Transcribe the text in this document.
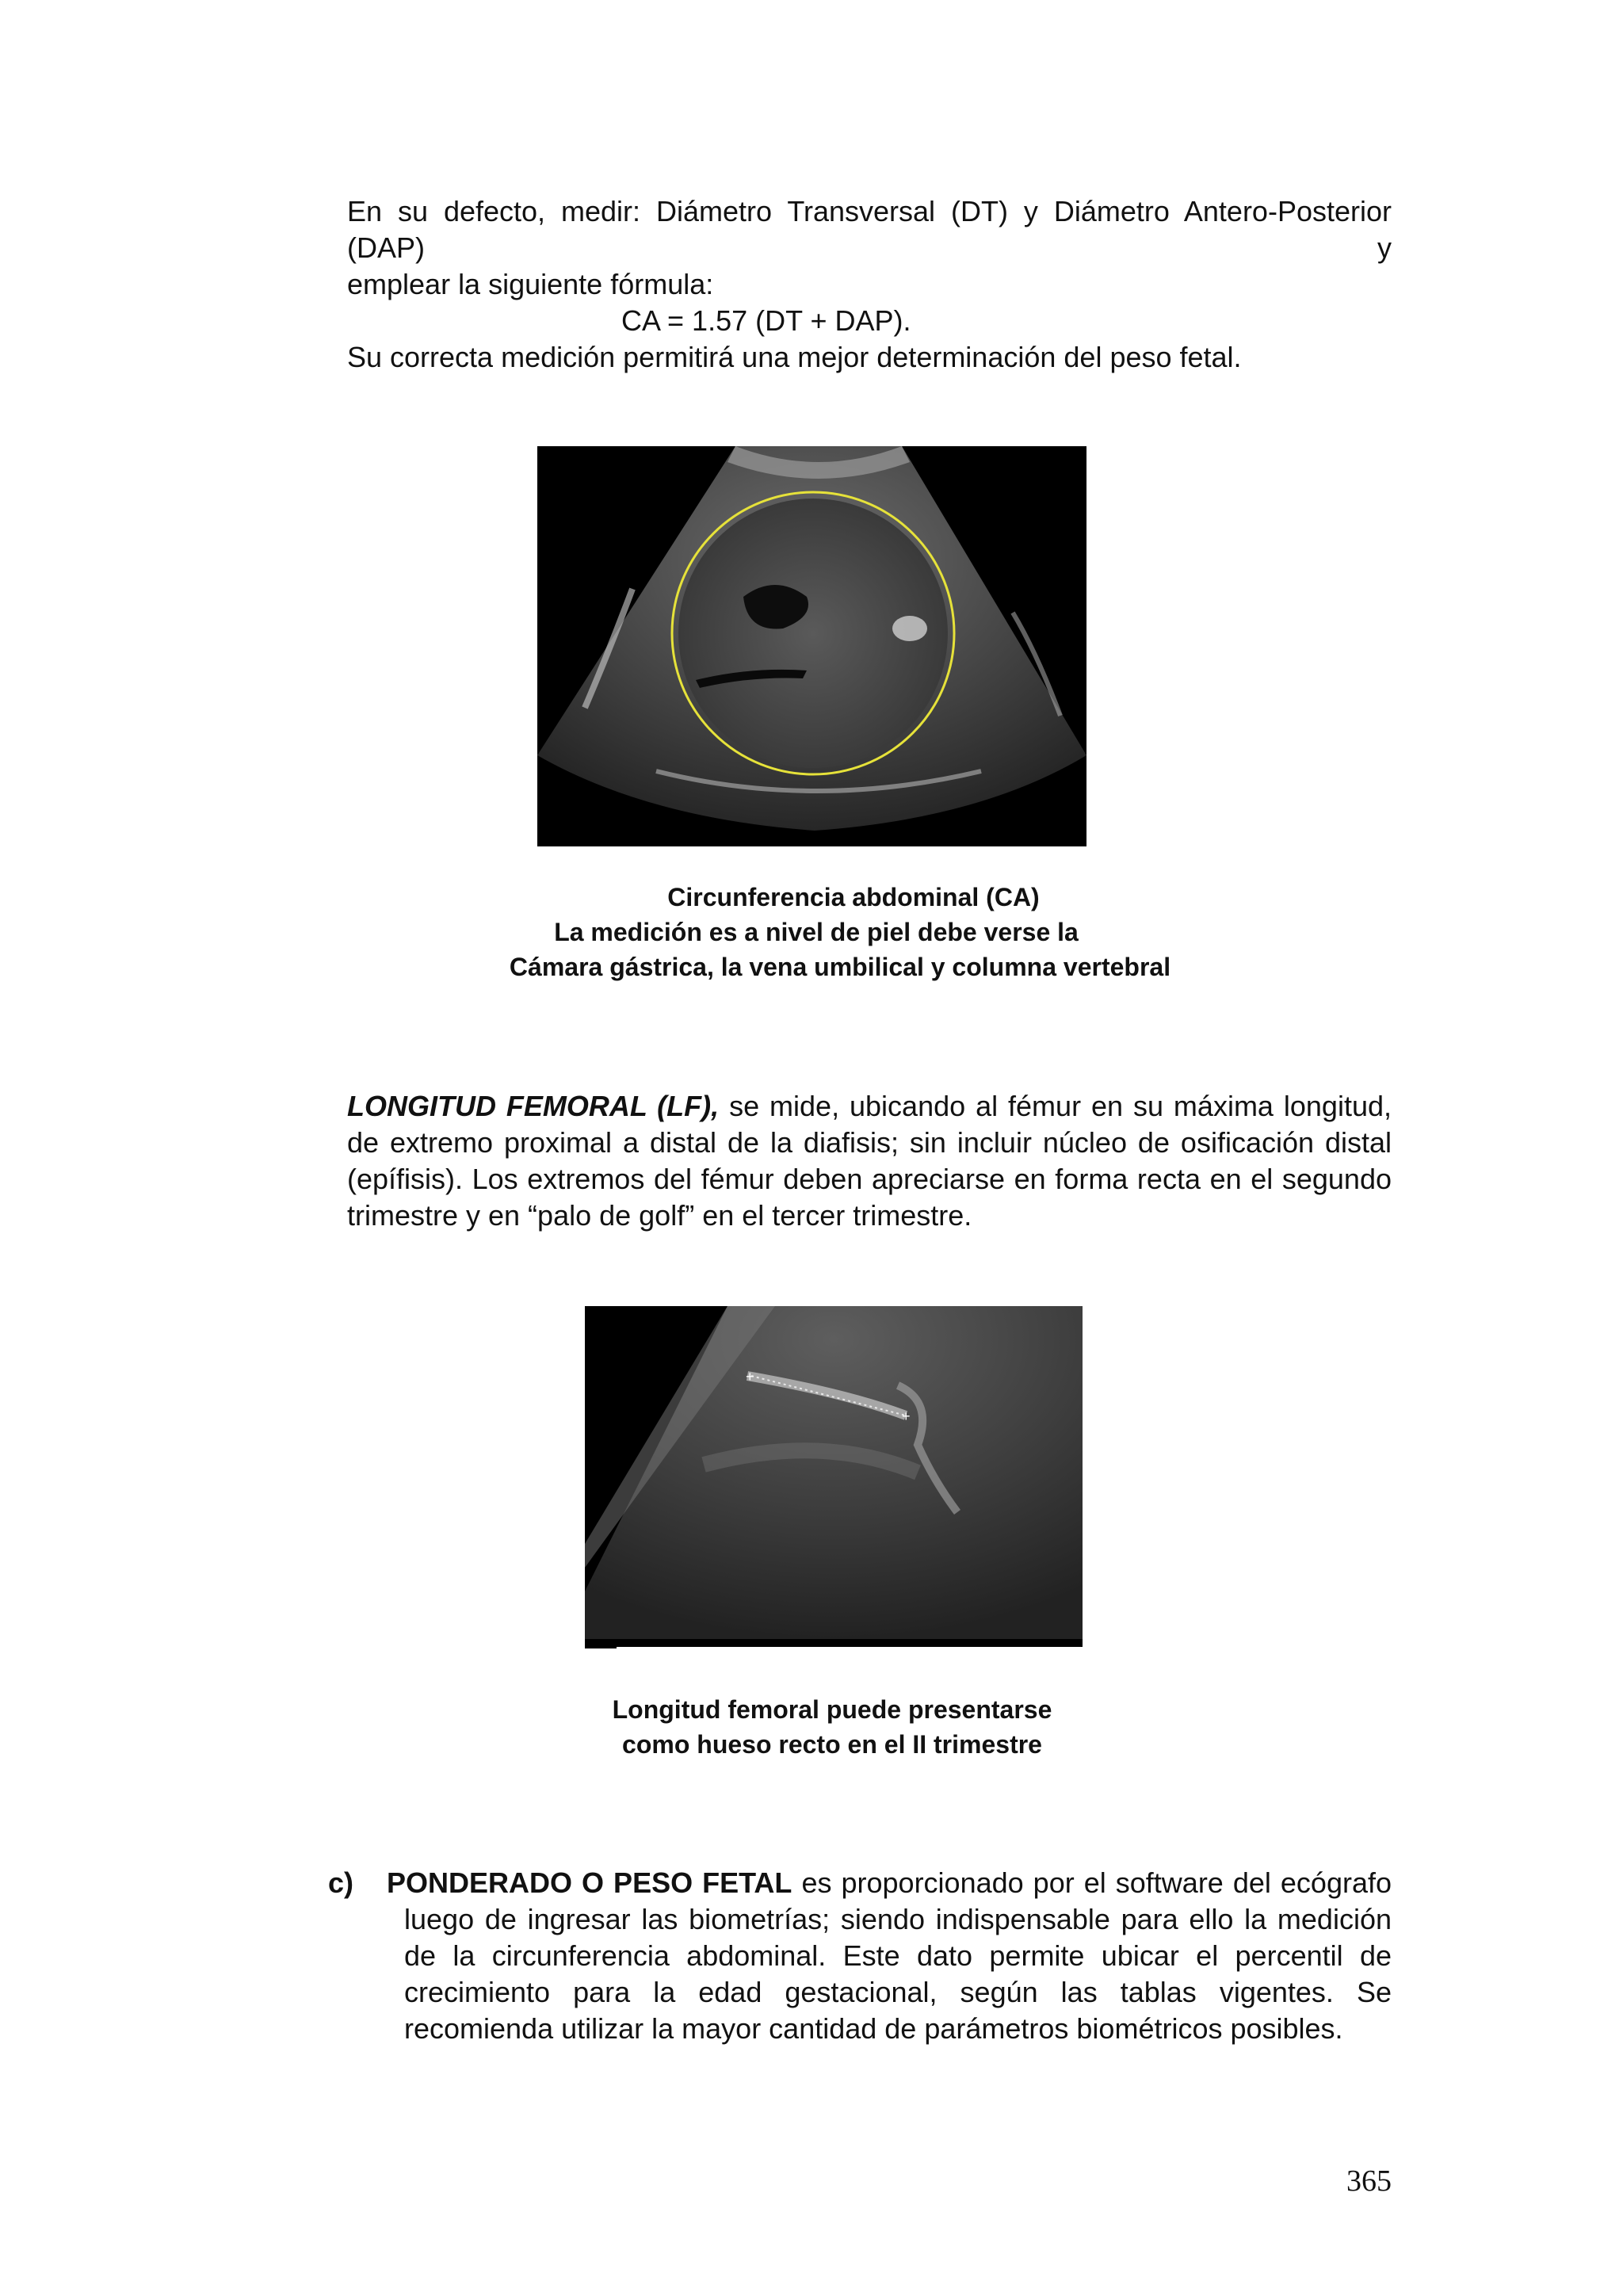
En su defecto, medir: Diámetro Transversal (DT) y Diámetro Antero-Posterior (DAP) y
emplear la siguiente fórmula:
CA = 1.57 (DT + DAP).
Su correcta medición permitirá una mejor determinación del peso fetal.
Circunferencia abdominal (CA)
La medición es a nivel de piel debe verse la
Cámara gástrica, la vena umbilical y columna vertebral

LONGITUD FEMORAL (LF), se mide, ubicando al fémur en su máxima longitud, de extremo proximal a distal de la diafisis; sin incluir núcleo de osificación distal (epífisis). Los extremos del fémur deben apreciarse en forma recta en el segundo trimestre y en “palo de golf” en el tercer trimestre.

+
+
Longitud femoral puede presentarse
como hueso recto en el II trimestre
c) PONDERADO O PESO FETAL es proporcionado por el software del ecógrafo
luego de ingresar las biometrías; siendo indispensable para ello la medición de la circunferencia abdominal. Este dato permite ubicar el percentil de crecimiento para la edad gestacional, según las tablas vigentes. Se recomienda utilizar la mayor cantidad de parámetros biométricos posibles.
365
